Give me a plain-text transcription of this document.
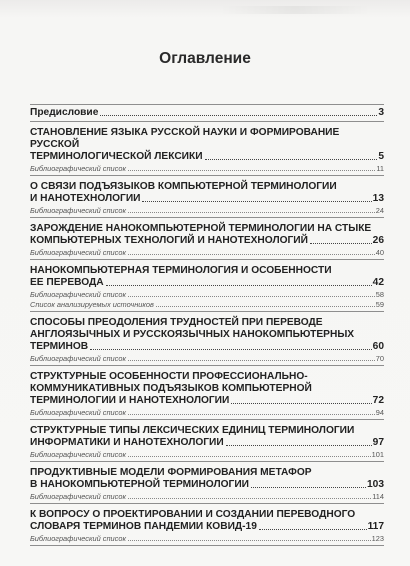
Оглавление
Предисловие	3
СТАНОВЛЕНИЕ ЯЗЫКА РУССКОЙ НАУКИ И ФОРМИРОВАНИЕ РУССКОЙ
ТЕРМИНОЛОГИЧЕСКОЙ ЛЕКСИКИ	5
Библиографический список	11
О СВЯЗИ ПОДЪЯЗЫКОВ КОМПЬЮТЕРНОЙ ТЕРМИНОЛОГИИ
И НАНОТЕХНОЛОГИИ	13
Библиографический список	24
ЗАРОЖДЕНИЕ НАНОКОМПЬЮТЕРНОЙ ТЕРМИНОЛОГИИ НА СТЫКЕ
КОМПЬЮТЕРНЫХ ТЕХНОЛОГИЙ И НАНОТЕХНОЛОГИЙ	26
Библиографический список	40
НАНОКОМПЬЮТЕРНАЯ ТЕРМИНОЛОГИЯ И ОСОБЕННОСТИ
ЕЕ ПЕРЕВОДА	42
Библиографический список	58
Список анализируемых источников	59
СПОСОБЫ ПРЕОДОЛЕНИЯ ТРУДНОСТЕЙ ПРИ ПЕРЕВОДЕ
АНГЛОЯЗЫЧНЫХ И РУССКОЯЗЫЧНЫХ НАНОКОМПЬЮТЕРНЫХ
ТЕРМИНОВ	60
Библиографический список	70
СТРУКТУРНЫЕ ОСОБЕННОСТИ ПРОФЕССИОНАЛЬНО-
КОММУНИКАТИВНЫХ ПОДЪЯЗЫКОВ КОМПЬЮТЕРНОЙ
ТЕРМИНОЛОГИИ И НАНОТЕХНОЛОГИИ	72
Библиографический список	94
СТРУКТУРНЫЕ ТИПЫ ЛЕКСИЧЕСКИХ ЕДИНИЦ ТЕРМИНОЛОГИИ
ИНФОРМАТИКИ И НАНОТЕХНОЛОГИИ	97
Библиографический список	101
ПРОДУКТИВНЫЕ МОДЕЛИ ФОРМИРОВАНИЯ МЕТАФОР
В НАНОКОМПЬЮТЕРНОЙ ТЕРМИНОЛОГИИ	103
Библиографический список	114
К ВОПРОСУ О ПРОЕКТИРОВАНИИ И СОЗДАНИИ ПЕРЕВОДНОГО
СЛОВАРЯ ТЕРМИНОВ ПАНДЕМИИ КОВИД-19	117
Библиографический список	123
